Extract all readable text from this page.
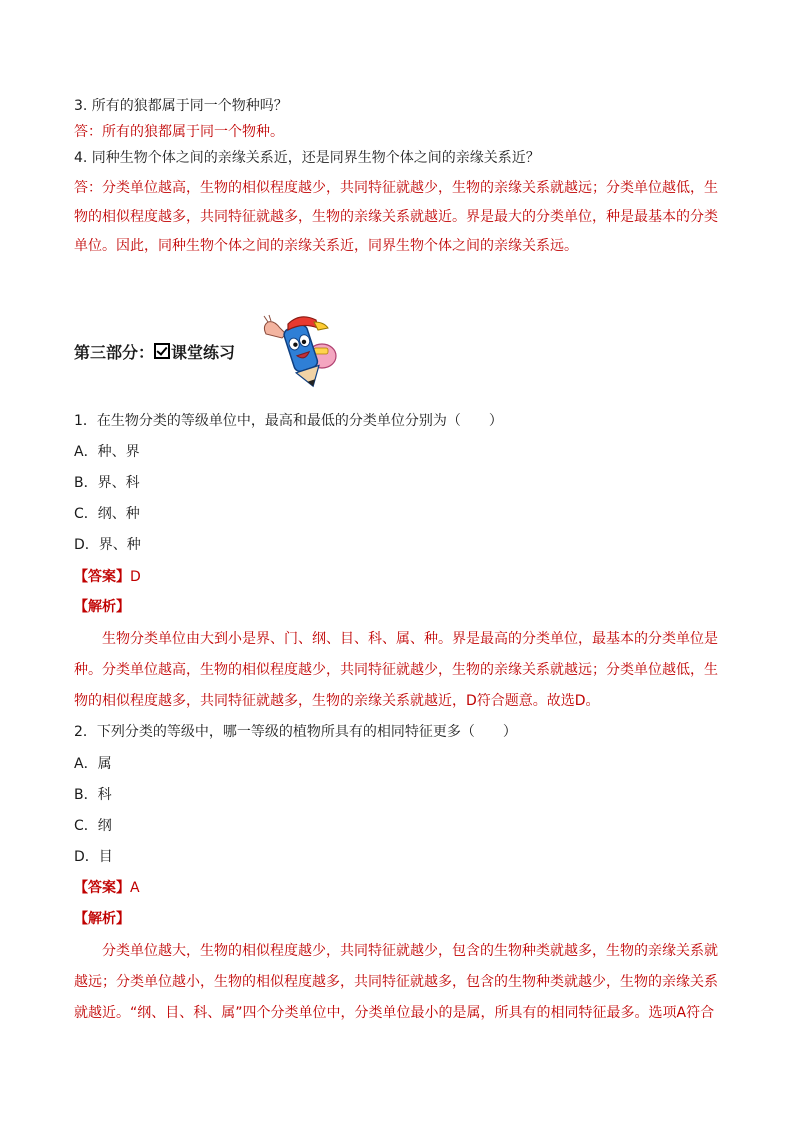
3. 所有的狼都属于同一个物种吗？
答：所有的狼都属于同一个物种。
4. 同种生物个体之间的亲缘关系近，还是同界生物个体之间的亲缘关系近？
答：分类单位越高，生物的相似程度越少，共同特征就越少，生物的亲缘关系就越远；分类单位越低，生
物的相似程度越多，共同特征就越多，生物的亲缘关系就越近。界是最大的分类单位，种是最基本的分类
单位。因此，同种生物个体之间的亲缘关系近，同界生物个体之间的亲缘关系远。
第三部分： 课堂练习
1．在生物分类的等级单位中，最高和最低的分类单位分别为（　　）
A．种、界
B．界、科
C．纲、种
D．界、种
【答案】D
【解析】
生物分类单位由大到小是界、门、纲、目、科、属、种。界是最高的分类单位，最基本的分类单位是
种。分类单位越高，生物的相似程度越少，共同特征就越少，生物的亲缘关系就越远；分类单位越低，生
物的相似程度越多，共同特征就越多，生物的亲缘关系就越近，D符合题意。故选D。
2．下列分类的等级中，哪一等级的植物所具有的相同特征更多（　　）
A．属
B．科
C．纲
D．目
【答案】A
【解析】
分类单位越大，生物的相似程度越少，共同特征就越少，包含的生物种类就越多，生物的亲缘关系就
越远；分类单位越小，生物的相似程度越多，共同特征就越多，包含的生物种类就越少，生物的亲缘关系
就越近。“纲、目、科、属”四个分类单位中，分类单位最小的是属，所具有的相同特征最多。选项A符合
